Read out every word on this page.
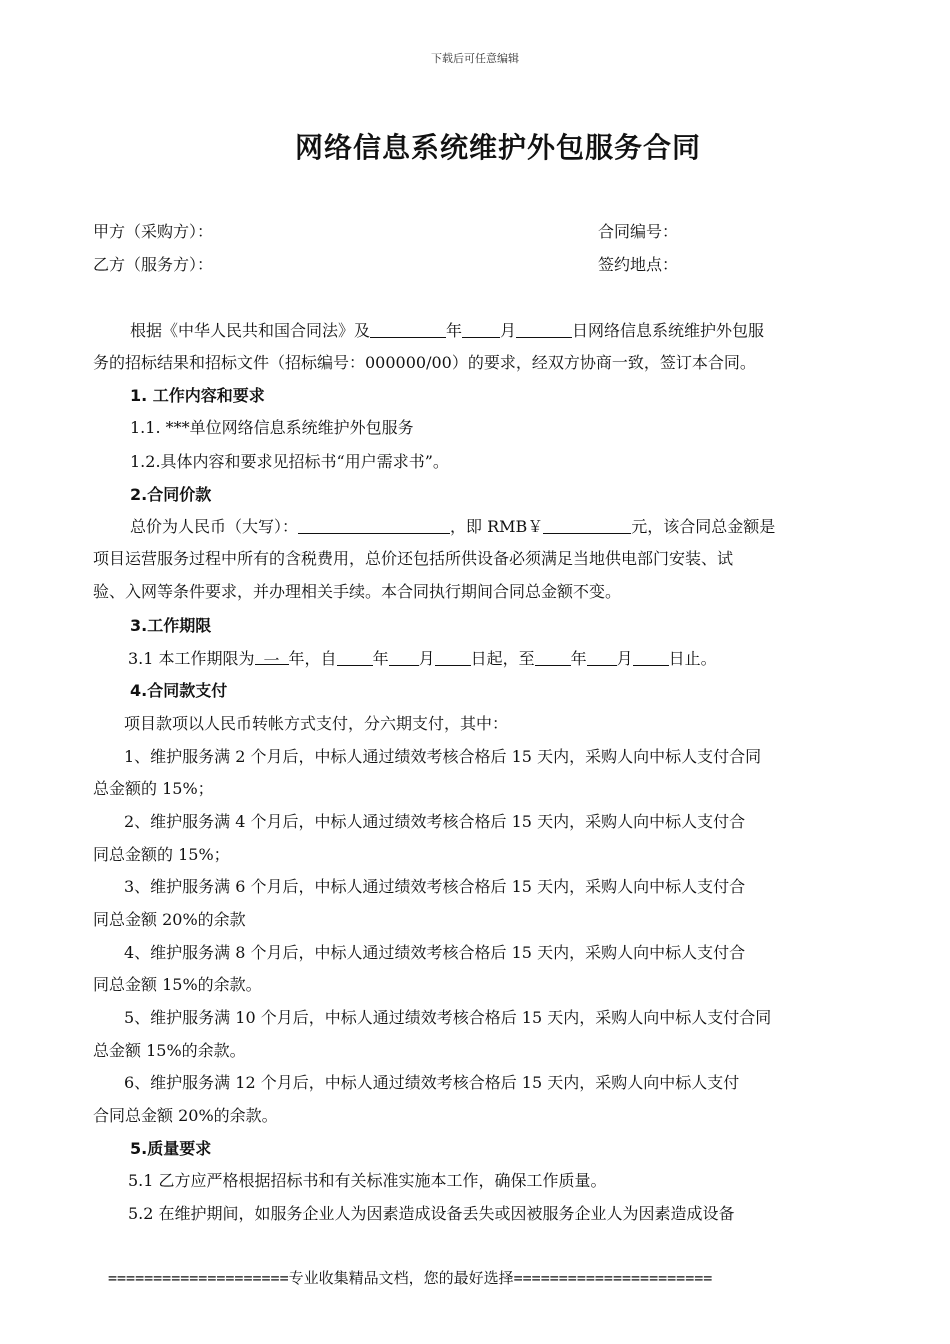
下载后可任意编辑
网络信息系统维护外包服务合同
甲方（采购方）：	合同编号：
乙方（服务方）：	签约地点：
根据《中华人民共和国合同法》及	年 月	日网络信息系统维护外包服
务的招标结果和招标文件（招标编号：000000/00）的要求，经双方协商一致，签订本合同。
1. 工作内容和要求
1.1. ***单位网络信息系统维护外包服务
1.2.具体内容和要求见招标书“用户需求书”。
2.合同价款
总价为人民币（大写）：	，即 RMB￥	元，该合同总金额是
项目运营服务过程中所有的含税费用，总价还包括所供设备必须满足当地供电部门安装、试
验、入网等条件要求，并办理相关手续。本合同执行期间合同总金额不变。
3.工作期限
3.1 本工作期限为 一 年，自 年 月 日起，至 年 月 日止。
4.合同款支付
项目款项以人民币转帐方式支付，分六期支付，其中：
1、维护服务满 2 个月后，中标人通过绩效考核合格后 15 天内，采购人向中标人支付合同
总金额的 15%；
2、维护服务满 4 个月后，中标人通过绩效考核合格后 15 天内，采购人向中标人支付合
同总金额的 15%；
3、维护服务满 6 个月后，中标人通过绩效考核合格后 15 天内，采购人向中标人支付合
同总金额 20%的余款
4、维护服务满 8 个月后，中标人通过绩效考核合格后 15 天内，采购人向中标人支付合
同总金额 15%的余款。
5、维护服务满 10 个月后，中标人通过绩效考核合格后 15 天内，采购人向中标人支付合同
总金额 15%的余款。
6、维护服务满 12 个月后，中标人通过绩效考核合格后 15 天内，采购人向中标人支付
合同总金额 20%的余款。
5.质量要求
5.1 乙方应严格根据招标书和有关标准实施本工作，确保工作质量。
5.2 在维护期间，如服务企业人为因素造成设备丢失或因被服务企业人为因素造成设备
====================专业收集精品文档，您的最好选择======================
